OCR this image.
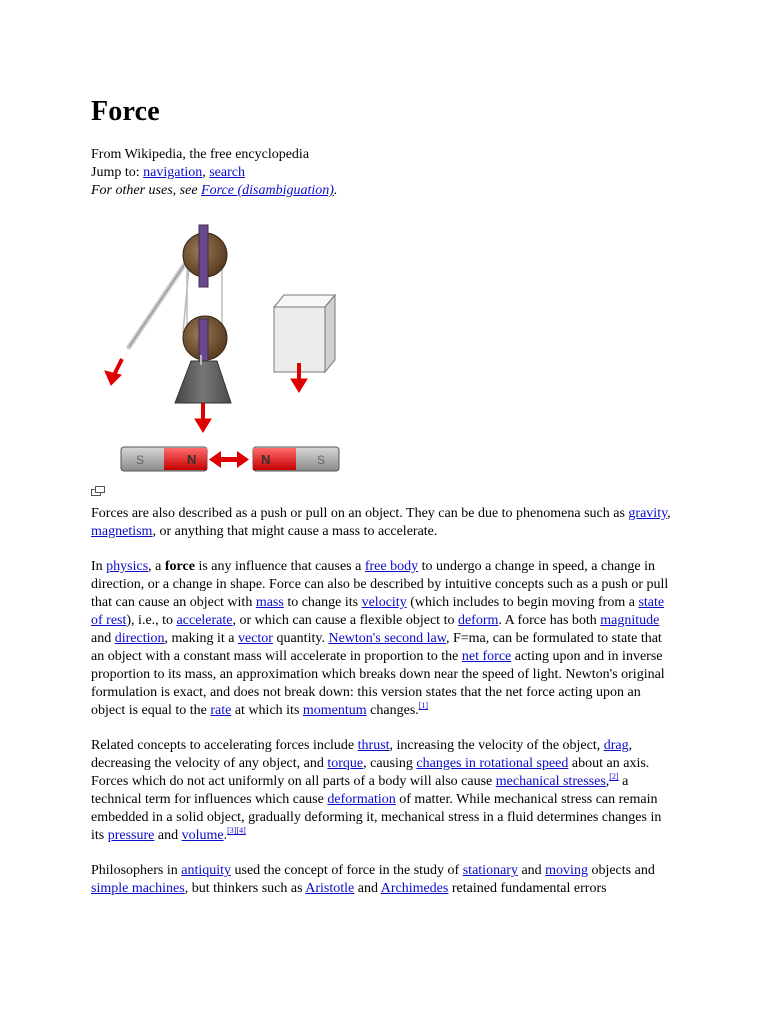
Force
From Wikipedia, the free encyclopedia
Jump to: navigation, search
For other uses, see Force (disambiguation).
S	N	N	S

Forces are also described as a push or pull on an object. They can be due to phenomena such as gravity, magnetism, or anything that might cause a mass to accelerate.

In physics, a force is any influence that causes a free body to undergo a change in speed, a change in direction, or a change in shape. Force can also be described by intuitive concepts such as a push or pull that can cause an object with mass to change its velocity (which includes to begin moving from a state of rest), i.e., to accelerate, or which can cause a flexible object to deform. A force has both magnitude and direction, making it a vector quantity. Newton's second law, F=ma, can be formulated to state that an object with a constant mass will accelerate in proportion to the net force acting upon and in inverse proportion to its mass, an approximation which breaks down near the speed of light. Newton's original formulation is exact, and does not break down: this version states that the net force acting upon an object is equal to the rate at which its momentum changes.[1]

Related concepts to accelerating forces include thrust, increasing the velocity of the object, drag, decreasing the velocity of any object, and torque, causing changes in rotational speed about an axis. Forces which do not act uniformly on all parts of a body will also cause mechanical stresses,[2] a technical term for influences which cause deformation of matter. While mechanical stress can remain embedded in a solid object, gradually deforming it, mechanical stress in a fluid determines changes in its pressure and volume.[3][4]

Philosophers in antiquity used the concept of force in the study of stationary and moving objects and simple machines, but thinkers such as Aristotle and Archimedes retained fundamental errors
